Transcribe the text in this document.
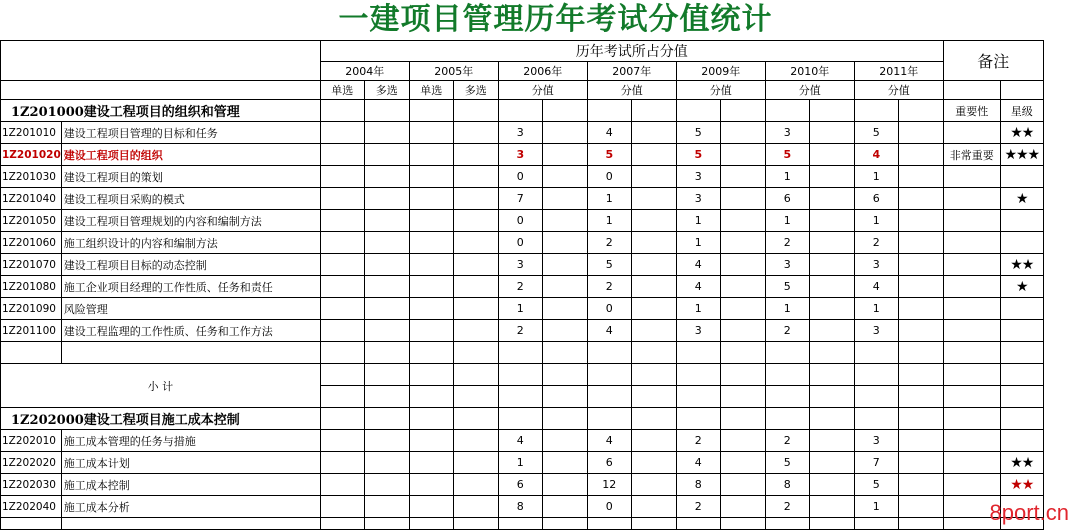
一建项目管理历年考试分值统计
		历年考试所占分值														备注	
		2004年		2005年		2006年		2007年		2009年		2010年		2011年			
		单选	多选	单选	多选	分值		分值		分值		分值		分值			
1Z201000建设工程项目的组织和管理																重要性	星级
1Z201010	建设工程项目管理的目标和任务					3		4		5		3		5			★★
1Z201020	建设工程项目的组织					3		5		5		5		4		非常重要	★★★
1Z201030	建设工程项目的策划					0		0		3		1		1			
1Z201040	建设工程项目采购的模式					7		1		3		6		6			★
1Z201050	建设工程项目管理规划的内容和编制方法					0		1		1		1		1			
1Z201060	施工组织设计的内容和编制方法					0		2		1		2		2			
1Z201070	建设工程项目目标的动态控制					3		5		4		3		3			★★
1Z201080	施工企业项目经理的工作性质、任务和责任					2		2		4		5		4			★
1Z201090	风险管理					1		0		1		1		1			
1Z201100	建设工程监理的工作性质、任务和工作方法					2		4		3		2		3			

小 计																	

1Z202000建设工程项目施工成本控制																	
1Z202010	施工成本管理的任务与措施					4		4		2		2		3			
1Z202020	施工成本计划					1		6		4		5		7			★★
1Z202030	施工成本控制					6		12		8		8		5			★★
1Z202040	施工成本分析					8		0		2		2		1			
																		8port.cn
